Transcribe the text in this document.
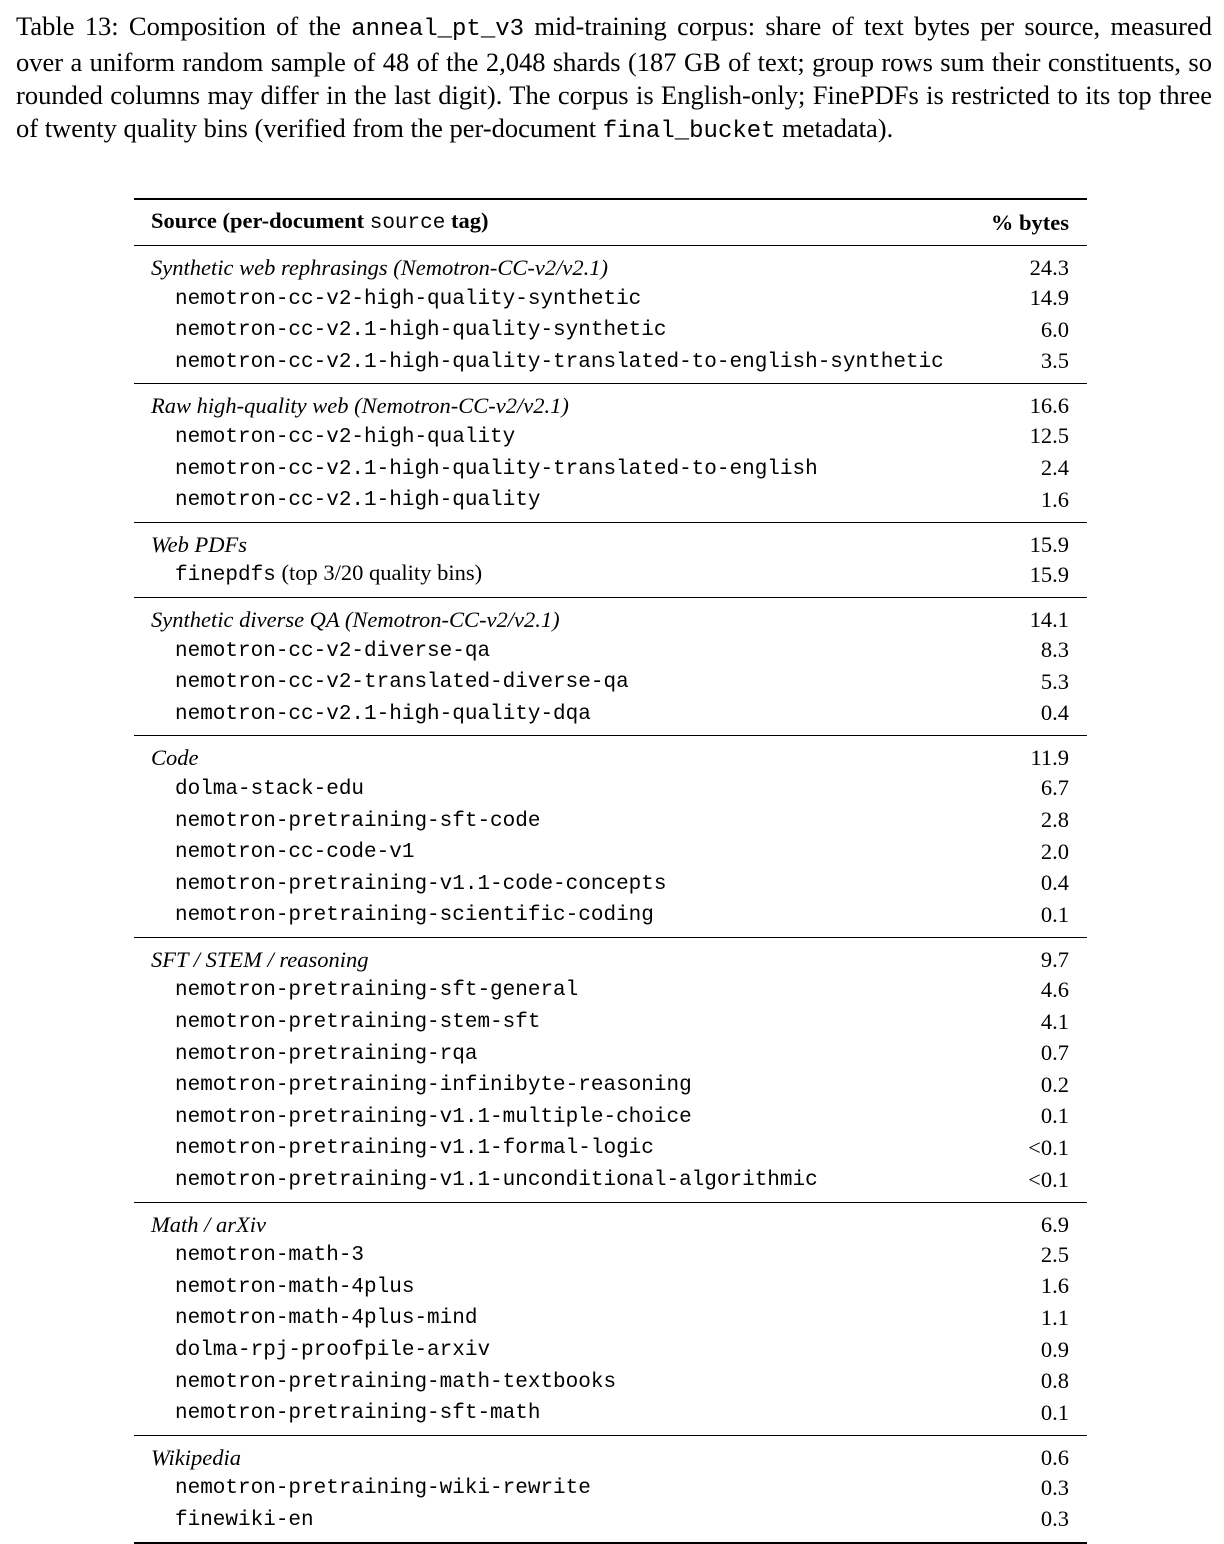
Table 13: Composition of the anneal_pt_v3 mid-training corpus: share of text bytes per source, measured over a uniform random sample of 48 of the 2,048 shards (187 GB of text; group rows sum their constituents, so rounded columns may differ in the last digit). The corpus is English-only; FinePDFs is restricted to its top three of twenty quality bins (verified from the per-document final_bucket metadata).
Source (per-document source tag)	% bytes
Synthetic web rephrasings (Nemotron-CC-v2/v2.1)	24.3
nemotron-cc-v2-high-quality-synthetic	14.9
nemotron-cc-v2.1-high-quality-synthetic	6.0
nemotron-cc-v2.1-high-quality-translated-to-english-synthetic	3.5
Raw high-quality web (Nemotron-CC-v2/v2.1)	16.6
nemotron-cc-v2-high-quality	12.5
nemotron-cc-v2.1-high-quality-translated-to-english	2.4
nemotron-cc-v2.1-high-quality	1.6
Web PDFs	15.9
finepdfs (top 3/20 quality bins)	15.9
Synthetic diverse QA (Nemotron-CC-v2/v2.1)	14.1
nemotron-cc-v2-diverse-qa	8.3
nemotron-cc-v2-translated-diverse-qa	5.3
nemotron-cc-v2.1-high-quality-dqa	0.4
Code	11.9
dolma-stack-edu	6.7
nemotron-pretraining-sft-code	2.8
nemotron-cc-code-v1	2.0
nemotron-pretraining-v1.1-code-concepts	0.4
nemotron-pretraining-scientific-coding	0.1
SFT / STEM / reasoning	9.7
nemotron-pretraining-sft-general	4.6
nemotron-pretraining-stem-sft	4.1
nemotron-pretraining-rqa	0.7
nemotron-pretraining-infinibyte-reasoning	0.2
nemotron-pretraining-v1.1-multiple-choice	0.1
nemotron-pretraining-v1.1-formal-logic	<0.1
nemotron-pretraining-v1.1-unconditional-algorithmic	<0.1
Math / arXiv	6.9
nemotron-math-3	2.5
nemotron-math-4plus	1.6
nemotron-math-4plus-mind	1.1
dolma-rpj-proofpile-arxiv	0.9
nemotron-pretraining-math-textbooks	0.8
nemotron-pretraining-sft-math	0.1
Wikipedia	0.6
nemotron-pretraining-wiki-rewrite	0.3
finewiki-en	0.3
